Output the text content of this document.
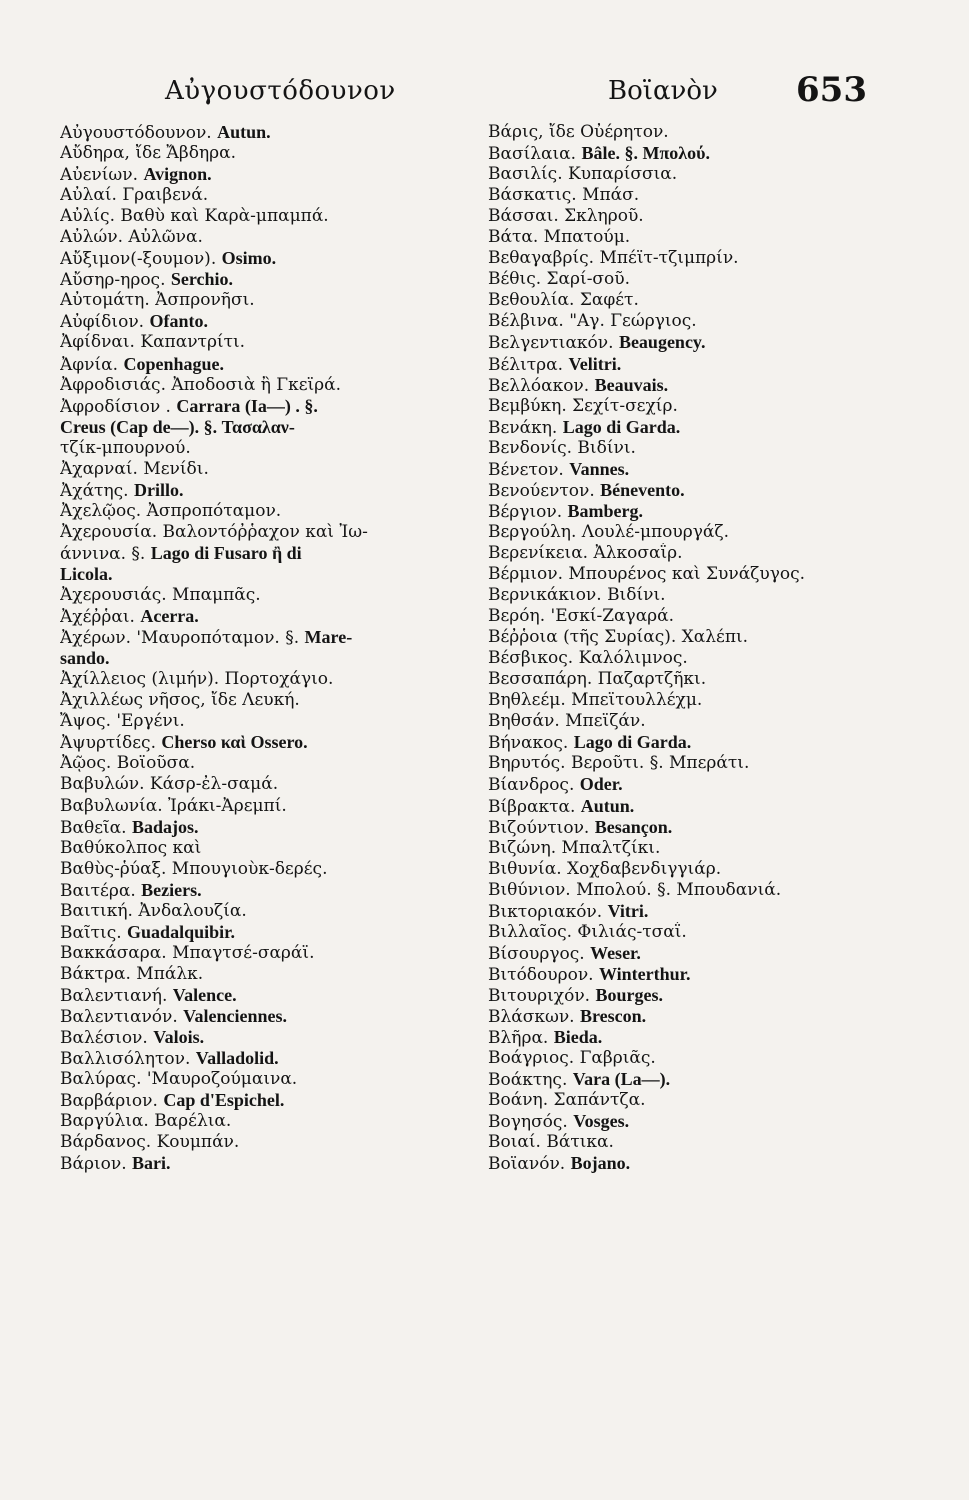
Αὐγουστόδουνον	Βοϊανὸν 653
Αὐγουστόδουνον. Autun.
Αὔδηρα, ἴδε Ἄβδηρα.
Αὐενίων. Avignon.
Αὐλαί. Γραιβενά.
Αὐλίς. Βαθὺ καὶ Καρὰ-μπαμπά.
Αὐλών. Αὐλῶνα.
Αὔξιμον(-ξουμον). Osimo.
Αὔσηρ-ηρος. Serchio.
Αὐτομάτη. Ἀσπρονῆσι.
Αὐφίδιον. Ofanto.
Ἀφίδναι. Καπαντρίτι.
Ἀφνία. Copenhague.
Ἀφροδισιάς. Ἀποδοσιὰ ἢ Γκεϊρά.
Ἀφροδίσιον . Carrara (Ia—) . §.
Creus (Cap de—). §. Τασαλαν-
τζίκ-μπουρνού.
Ἀχαρναί. Μενίδι.
Ἀχάτης. Drillo.
Ἀχελῷος. Ἀσπροπόταμον.
Ἀχερουσία. Βαλοντόῤῥαχον καὶ Ἰω-
άννινα. §. Lago di Fusaro ἢ di
Licola.
Ἀχερουσιάς. Μπαμπᾶς.
Ἀχέῤῥαι. Acerra.
Ἀχέρων. 'Μαυροπόταμον. §. Mare-
sando.
Ἀχίλλειος (λιμήν). Πορτοχάγιο.
Ἀχιλλέως νῆσος, ἴδε Λευκή.
Ἄψος. 'Εργένι.
Ἀψυρτίδες. Cherso καὶ Ossero.
Ἀῷος. Βοϊοῦσα.
Βαβυλών. Κάσρ-ἐλ-σαμά.
Βαβυλωνία. Ἰράκι-Ἀρεμπί.
Βαθεῖα. Badajos.
Βαθύκολπος καὶ
Βαθὺς-ῥύαξ. Μπουγιοὺκ-δερές.
Βαιτέρα. Beziers.
Βαιτική. Ἀνδαλουζία.
Βαῖτις. Guadalquibir.
Βακκάσαρα. Μπαγτσέ-σαράϊ.
Βάκτρα. Μπάλκ.
Βαλεντιανή. Valence.
Βαλεντιανόν. Valenciennes.
Βαλέσιον. Valois.
Βαλλισόλητον. Valladolid.
Βαλύρας. 'Μαυροζούμαινα.
Βαρβάριον. Cap d'Espichel.
Βαργύλια. Βαρέλια.
Βάρδανος. Κουμπάν.
Βάριον. Bari.
Βάρις, ἴδε Οὐέρητον.
Βασίλαια. Bâle. §. Μπολού.
Βασιλίς. Κυπαρίσσια.
Βάσκατις. Μπάσ.
Βάσσαι. Σκληροῦ.
Βάτα. Μπατούμ.
Βεθαγαβρίς. Μπέϊτ-τζιμπρίν.
Βέθις. Σαρί-σοῦ.
Βεθουλία. Σαφέτ.
Βέλβινα. "Αγ. Γεώργιος.
Βελγεντιακόν. Beaugency.
Βέλιτρα. Velitri.
Βελλόακον. Beauvais.
Βεμβύκη. Σεχίτ-σεχίρ.
Βενάκη. Lago di Garda.
Βενδονίς. Βιδίνι.
Βένετον. Vannes.
Βενούεντον. Bénevento.
Βέργιον. Bamberg.
Βεργούλη. Λουλέ-μπουργάζ.
Βερενίκεια. Ἀλκοσαΐρ.
Βέρμιον. Μπουρένος καὶ Συνάζυγος.
Βερνικάκιον. Βιδίνι.
Βερόη. 'Εσκί-Ζαγαρά.
Βέῤῥοια (τῆς Συρίας). Χαλέπι.
Βέσβικος. Καλόλιμνος.
Βεσσαπάρη. Παζαρτζῆκι.
Βηθλεέμ. Μπεϊτουλλέχμ.
Βηθσάν. Μπεϊζάν.
Βήνακος. Lago di Garda.
Βηρυτός. Βεροῦτι. §. Μπεράτι.
Βίανδρος. Oder.
Βίβρακτα. Autun.
Βιζούντιον. Besançon.
Βιζώνη. Μπαλτζίκι.
Βιθυνία. Χοχδαβενδιγγιάρ.
Βιθύνιον. Μπολού. §. Μπουδανιά.
Βικτοριακόν. Vitri.
Βιλλαῖος. Φιλιάς-τσαΐ.
Βίσουργος. Weser.
Βιτόδουρον. Winterthur.
Βιτουριχόν. Bourges.
Βλάσκων. Brescon.
Βλῆρα. Bieda.
Βοάγριος. Γαβριᾶς.
Βοάκτης. Vara (La—).
Βοάνη. Σαπάντζα.
Βογησός. Vosges.
Βοιαί. Βάτικα.
Βοϊανόν. Bojano.
